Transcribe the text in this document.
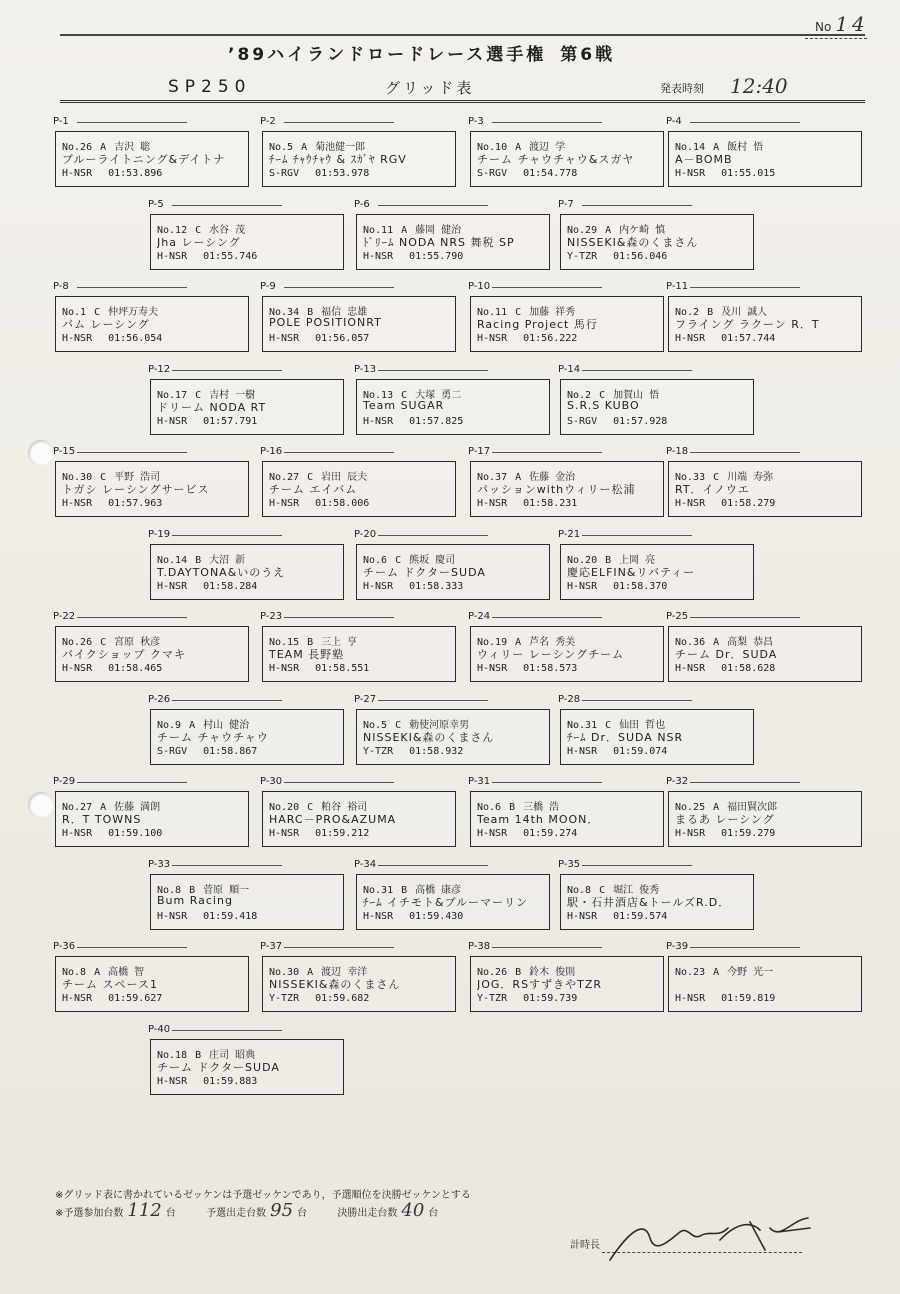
No 14
’89ハイランドロードレース選手権 第6戦
SP250	グリッド表	発表時刻 12:40
P-1
No.26 A 吉沢 聡
ブルーライトニング&デイトナ
H-NSR 01:53.896
P-2
No.5 A 菊池健一郎
ﾁｰﾑ ﾁｬｳﾁｬｳ & ｽｶﾞﾔ RGV
S-RGV 01:53.978
P-3
No.10 A 渡辺 学
チーム チャウチャウ&スガヤ
S-RGV 01:54.778
P-4
No.14 A 飯村 悟
A－BOMB
H-NSR 01:55.015
P-5
No.12 C 水谷 茂
Jha レーシング
H-NSR 01:55.746
P-6
No.11 A 藤岡 健治
ﾄﾞﾘｰﾑ NODA NRS 舞税 SP
H-NSR 01:55.790
P-7
No.29 A 内ケ崎 慎
NISSEKI&森のくまさん
Y-TZR 01:56.046
P-8
No.1 C 仲坪万寿夫
バム レーシング
H-NSR 01:56.054
P-9
No.34 B 福信 忠雄
POLE POSITIONRT
H-NSR 01:56.057
P-10
No.11 C 加藤 祥秀
Racing Project 馬行
H-NSR 01:56.222
P-11
No.2 B 及川 誠人
フライング ラクーン R．T
H-NSR 01:57.744
P-12
No.17 C 吉村 一樹
ドリーム NODA RT
H-NSR 01:57.791
P-13
No.13 C 大塚 勇二
Team SUGAR
H-NSR 01:57.825
P-14
No.2 C 加賀山 悟
S.R.S KUBO
S-RGV 01:57.928
P-15
No.30 C 平野 浩司
トガシ レーシングサービス
H-NSR 01:57.963
P-16
No.27 C 岩田 辰夫
チーム エイバム
H-NSR 01:58.006
P-17
No.37 A 佐藤 金治
パッションwithウィリー松浦
H-NSR 01:58.231
P-18
No.33 C 川端 寿弥
RT．イノウエ
H-NSR 01:58.279
P-19
No.14 B 大沼 新
T.DAYTONA&いのうえ
H-NSR 01:58.284
P-20
No.6 C 熊坂 慶司
チーム ドクターSUDA
H-NSR 01:58.333
P-21
No.20 B 上岡 亮
慶応ELFIN&リバティー
H-NSR 01:58.370
P-22
No.26 C 宮原 秋彦
バイクショップ クマキ
H-NSR 01:58.465
P-23
No.15 B 三上 亨
TEAM 長野塾
H-NSR 01:58.551
P-24
No.19 A 芦名 秀美
ウィリー レーシングチーム
H-NSR 01:58.573
P-25
No.36 A 高梨 恭昌
チーム Dr．SUDA
H-NSR 01:58.628
P-26
No.9 A 村山 健治
チーム チャウチャウ
S-RGV 01:58.867
P-27
No.5 C 勅使河原幸男
NISSEKI&森のくまさん
Y-TZR 01:58.932
P-28
No.31 C 仙田 哲也
ﾁｰﾑ Dr．SUDA NSR
H-NSR 01:59.074
P-29
No.27 A 佐藤 満朗
R．T TOWNS
H-NSR 01:59.100
P-30
No.20 C 粕谷 裕司
HARC－PRO&AZUMA
H-NSR 01:59.212
P-31
No.6 B 三橋 浩
Team 14th MOON．
H-NSR 01:59.274
P-32
No.25 A 福田賢次郎
まるあ レーシング
H-NSR 01:59.279
P-33
No.8 B 菅原 順一
Bum Racing
H-NSR 01:59.418
P-34
No.31 B 高橋 康彦
ﾁｰﾑ イチモト&ブルーマーリン
H-NSR 01:59.430
P-35
No.8 C 堀江 俊秀
駅・石井酒店&トールズR.D．
H-NSR 01:59.574
P-36
No.8 A 高橋 智
チーム スペース1
H-NSR 01:59.627
P-37
No.30 A 渡辺 幸洋
NISSEKI&森のくまさん
Y-TZR 01:59.682
P-38
No.26 B 鈴木 俊則
JOG．RSすずきやTZR
Y-TZR 01:59.739
P-39
No.23 A 今野 光一
H-NSR 01:59.819
P-40
No.18 B 庄司 昭典
チーム ドクターSUDA
H-NSR 01:59.883
※グリッド表に書かれているゼッケンは予選ゼッケンであり，予選順位を決勝ゼッケンとする
※予選参加台数 112 台	予選出走台数 95 台	決勝出走台数 40 台
計時長
